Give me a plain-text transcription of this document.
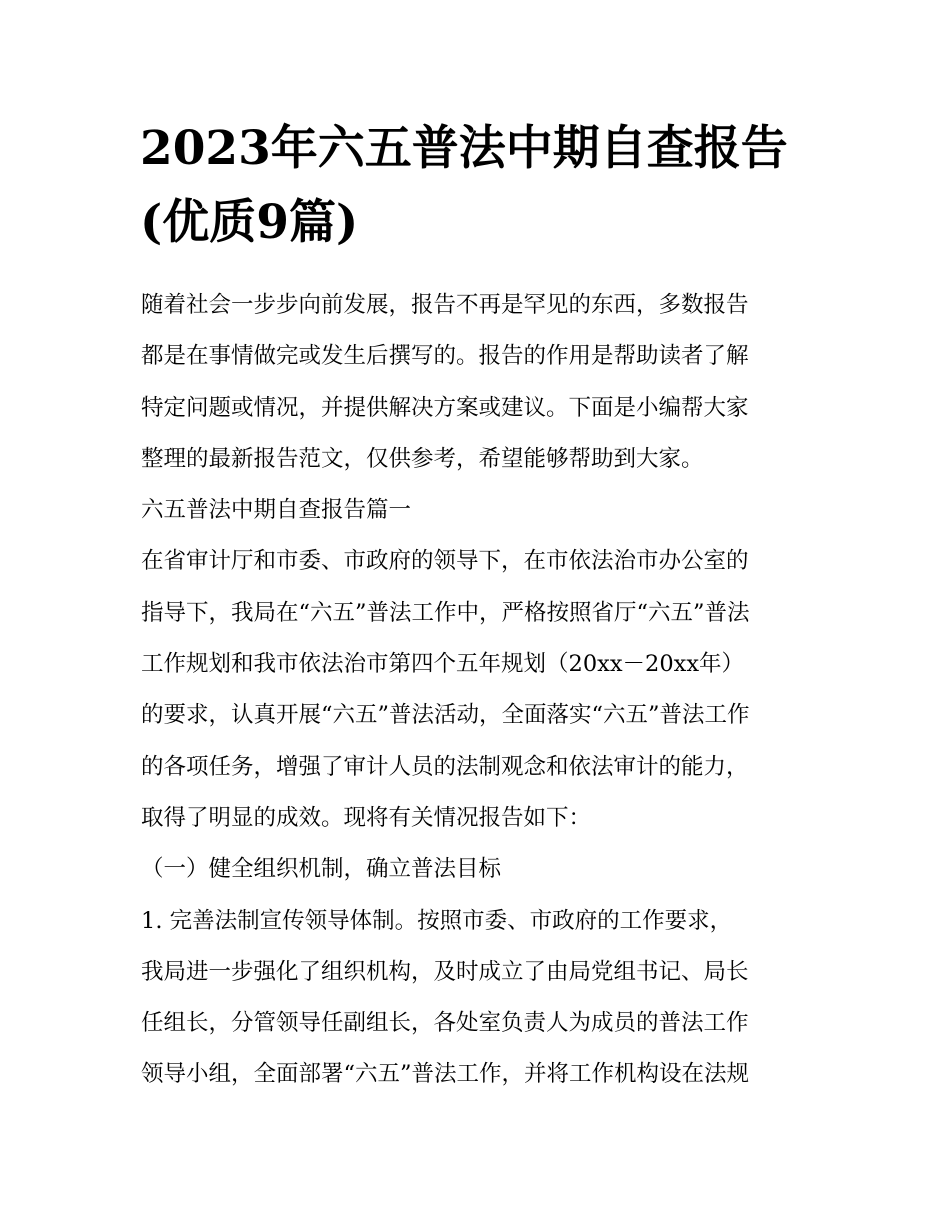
2023年六五普法中期自查报告
(优质9篇)
随着社会一步步向前发展，报告不再是罕见的东西，多数报告
都是在事情做完或发生后撰写的。报告的作用是帮助读者了解
特定问题或情况，并提供解决方案或建议。下面是小编帮大家
整理的最新报告范文，仅供参考，希望能够帮助到大家。
六五普法中期自查报告篇一
在省审计厅和市委、市政府的领导下，在市依法治市办公室的
指导下，我局在“六五”普法工作中，严格按照省厅“六五”普法
工作规划和我市依法治市第四个五年规划（20xx－20xx年）
的要求，认真开展“六五”普法活动，全面落实“六五”普法工作
的各项任务，增强了审计人员的法制观念和依法审计的能力，
取得了明显的成效。现将有关情况报告如下：
（一）健全组织机制，确立普法目标
1. 完善法制宣传领导体制。按照市委、市政府的工作要求，
我局进一步强化了组织机构，及时成立了由局党组书记、局长
任组长，分管领导任副组长，各处室负责人为成员的普法工作
领导小组，全面部署“六五”普法工作，并将工作机构设在法规
